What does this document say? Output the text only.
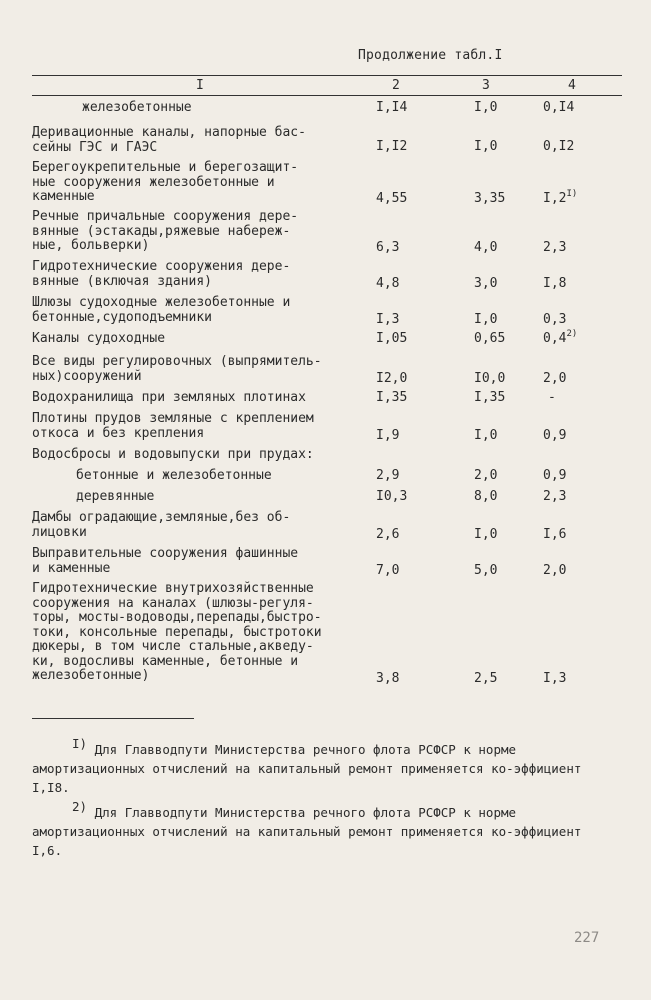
Продолжение табл.I
I	2	3	4
железобетонные	I,I4	I,0	0,I4
Деривационные каналы, напорные бас-
сейны ГЭС и ГАЭС	I,I2	I,0	0,I2
Берегоукрепительные и берегозащит-
ные сооружения железобетонные и
каменные	4,55	3,35	$I,2^{I)}$
Речные причальные сооружения дере-
вянные (эстакады,ряжевые набереж-
ные, больверки)	6,3	4,0	2,3
Гидротехнические сооружения дере-
вянные (включая здания)	4,8	3,0	I,8
Шлюзы судоходные железобетонные и
бетонные,судоподъемники	I,3	I,0	0,3
Каналы судоходные	I,05	0,65	0,4$^{2)}$
Все виды регулировочных (выпрямитель-
ных)сооружений	I2,0	I0,0	2,0
Водохранилища при земляных плотинах	I,35	I,35	-
Плотины прудов земляные с креплением
откоса и без крепления	I,9	I,0	0,9
Водосбросы и водовыпуски при прудах:
бетонные и железобетонные	2,9	2,0	0,9
деревянные	I0,3	8,0	2,3
Дамбы оградающие,земляные,без об-
лицовки	2,6	I,0	I,6
Выправительные сооружения фашинные
и каменные	7,0	5,0	2,0
Гидротехнические внутрихозяйственные
сооружения на каналах (шлюзы-регуля-
торы, мосты-водоводы,перепады,быстро-
токи, консольные перепады, быстротоки
дюкеры, в том числе стальные,акведу-
ки, водосливы каменные, бетонные и
железобетонные)	3,8	2,5	I,3
$^{I)}$ Для Главводпути Министерства речного флота РСФСР к норме амортизационных отчислений на капитальный ремонт применяется ко-эффициент I,I8.
$^{2)}$ Для Главводпути Министерства речного флота РСФСР к норме амортизационных отчислений на капитальный ремонт применяется ко-эффициент I,6.
227
